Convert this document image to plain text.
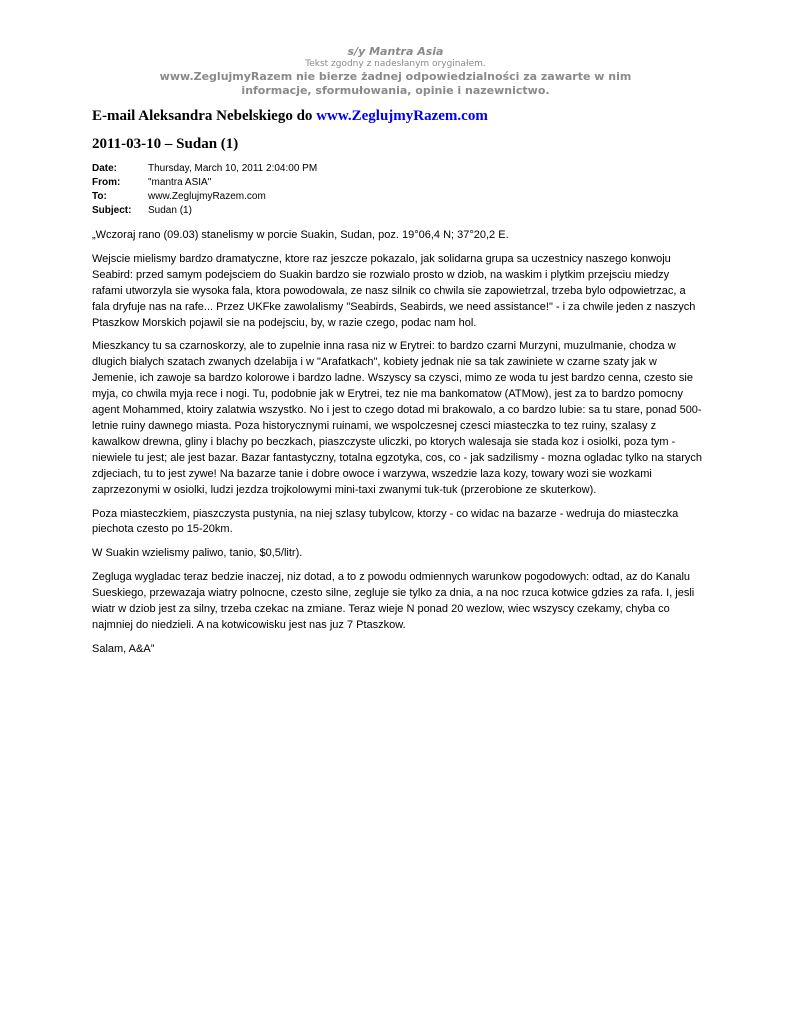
s/y Mantra Asia
Tekst zgodny z nadesłanym oryginałem.
www.ZeglujmyRazem nie bierze żadnej odpowiedzialności za zawarte w nim informacje, sformułowania, opinie i nazewnictwo.
E-mail Aleksandra Nebelskiego do www.ZeglujmyRazem.com
2011-03-10 – Sudan (1)
Date:	Thursday, March 10, 2011 2:04:00 PM
From:	"mantra ASIA"
To:	www.ZeglujmyRazem.com
Subject:	Sudan (1)

„Wczoraj rano (09.03) stanelismy w porcie Suakin, Sudan, poz. 19°06,4 N; 37°20,2 E.

Wejscie mielismy bardzo dramatyczne, ktore raz jeszcze pokazalo, jak solidarna grupa sa uczestnicy naszego konwoju Seabird: przed samym podejsciem do Suakin bardzo sie rozwialo prosto w dziob, na waskim i plytkim przejsciu miedzy rafami utworzyla sie wysoka fala, ktora powodowala, ze nasz silnik co chwila sie zapowietrzal, trzeba bylo odpowietrzac, a fala dryfuje nas na rafe... Przez UKFke zawolalismy "Seabirds, Seabirds, we need assistance!" - i za chwile jeden z naszych Ptaszkow Morskich pojawil sie na podejsciu, by, w razie czego, podac nam hol.

Mieszkancy tu sa czarnoskorzy, ale to zupelnie inna rasa niz w Erytrei: to bardzo czarni Murzyni, muzulmanie, chodza w dlugich bialych szatach zwanych dzelabija i w "Arafatkach", kobiety jednak nie sa tak zawiniete w czarne szaty jak w Jemenie, ich zawoje sa bardzo kolorowe i bardzo ladne. Wszyscy sa czysci, mimo ze woda tu jest bardzo cenna, czesto sie myja, co chwila myja rece i nogi. Tu, podobnie jak w Erytrei, tez nie ma bankomatow (ATMow), jest za to bardzo pomocny agent Mohammed, ktoiry zalatwia wszystko. No i jest to czego dotad mi brakowalo, a co bardzo lubie: sa tu stare, ponad 500-letnie ruiny dawnego miasta. Poza historycznymi ruinami, we wspolczesnej czesci miasteczka to tez ruiny, szalasy z kawalkow drewna, gliny i blachy po beczkach, piaszczyste uliczki, po ktorych walesaja sie stada koz i osiolki, poza tym - niewiele tu jest; ale jest bazar. Bazar fantastyczny, totalna egzotyka, cos, co - jak sadzilismy - mozna ogladac tylko na starych zdjeciach, tu to jest zywe! Na bazarze tanie i dobre owoce i warzywa, wszedzie laza kozy, towary wozi sie wozkami zaprzezonymi w osiolki, ludzi jezdza trojkolowymi mini-taxi zwanymi tuk-tuk (przerobione ze skuterkow).

Poza miasteczkiem, piaszczysta pustynia, na niej szlasy tubylcow, ktorzy - co widac na bazarze - wedruja do miasteczka piechota czesto po 15-20km.

W Suakin wzielismy paliwo, tanio, $0,5/litr).

Zegluga wygladac teraz bedzie inaczej, niz dotad, a to z powodu odmiennych warunkow pogodowych: odtad, az do Kanalu Sueskiego, przewazaja wiatry polnocne, czesto silne, zegluje sie tylko za dnia, a na noc rzuca kotwice gdzies za rafa. I, jesli wiatr w dziob jest za silny, trzeba czekac na zmiane. Teraz wieje N ponad 20 wezlow, wiec wszyscy czekamy, chyba co najmniej do niedzieli. A na kotwicowisku jest nas juz 7 Ptaszkow.

Salam, A&A”
